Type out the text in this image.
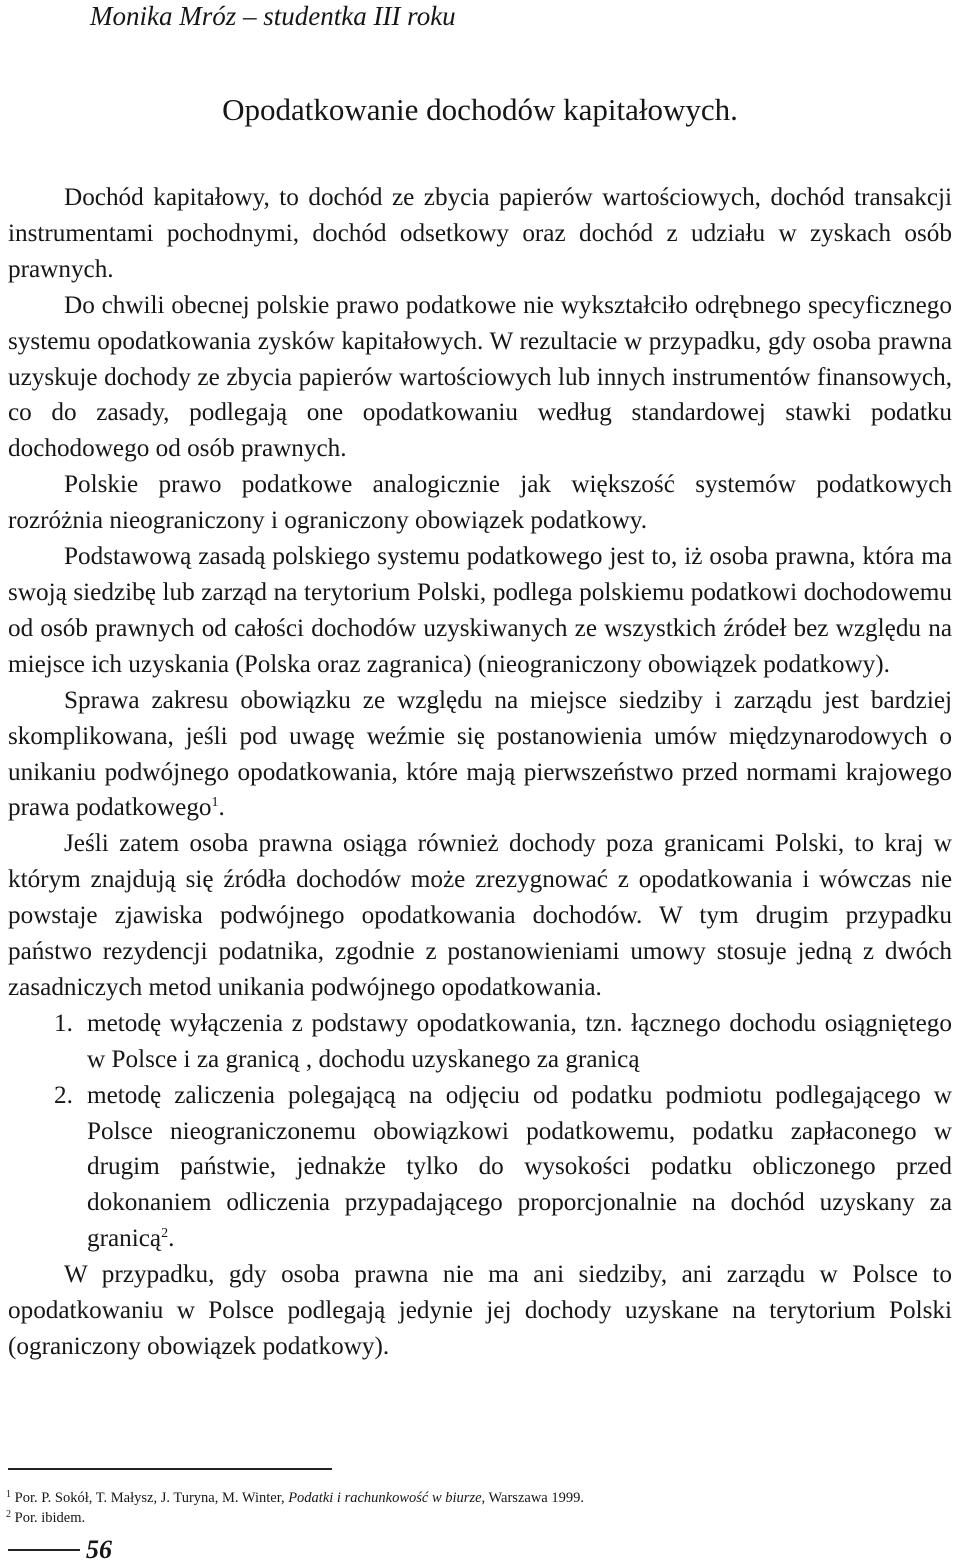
Monika Mróz – studentka III roku
Opodatkowanie dochodów kapitałowych.

Dochód kapitałowy, to dochód ze zbycia papierów wartościowych, dochód transakcji instrumentami pochodnymi, dochód odsetkowy oraz dochód z udziału w zyskach osób prawnych.

Do chwili obecnej polskie prawo podatkowe nie wykształciło odrębnego specyficznego systemu opodatkowania zysków kapitałowych. W rezultacie w przypadku, gdy osoba prawna uzyskuje dochody ze zbycia papierów wartościowych lub innych instrumentów finansowych, co do zasady, podlegają one opodatkowaniu według standardowej stawki podatku dochodowego od osób prawnych.

Polskie prawo podatkowe analogicznie jak większość systemów podatkowych rozróżnia nieograniczony i ograniczony obowiązek podatkowy.

Podstawową zasadą polskiego systemu podatkowego jest to, iż osoba prawna, która ma swoją siedzibę lub zarząd na terytorium Polski, podlega polskiemu podatkowi dochodowemu od osób prawnych od całości dochodów uzyskiwanych ze wszystkich źródeł bez względu na miejsce ich uzyskania (Polska oraz zagranica) (nieograniczony obowiązek podatkowy).

Sprawa zakresu obowiązku ze względu na miejsce siedziby i zarządu jest bardziej skomplikowana, jeśli pod uwagę weźmie się postanowienia umów międzynarodowych o unikaniu podwójnego opodatkowania, które mają pierwszeństwo przed normami krajowego prawa podatkowego$^1$.

Jeśli zatem osoba prawna osiąga również dochody poza granicami Polski, to kraj w którym znajdują się źródła dochodów może zrezygnować z opodatkowania i wówczas nie powstaje zjawiska podwójnego opodatkowania dochodów. W tym drugim przypadku państwo rezydencji podatnika, zgodnie z postanowieniami umowy stosuje jedną z dwóch zasadniczych metod unikania podwójnego opodatkowania.

1. metodę wyłączenia z podstawy opodatkowania, tzn. łącznego dochodu osiągniętego w Polsce i za granicą , dochodu uzyskanego za granicą
2. metodę zaliczenia polegającą na odjęciu od podatku podmiotu podlegającego w Polsce nieograniczonemu obowiązkowi podatkowemu, podatku zapłaconego w drugim państwie, jednakże tylko do wysokości podatku obliczonego przed dokonaniem odliczenia przypadającego proporcjonalnie na dochód uzyskany za granicą$^2$.

W przypadku, gdy osoba prawna nie ma ani siedziby, ani zarządu w Polsce to opodatkowaniu w Polsce podlegają jedynie jej dochody uzyskane na terytorium Polski (ograniczony obowiązek podatkowy).

$^1$ Por. P. Sokół, T. Małysz, J. Turyna, M. Winter, Podatki i rachunkowość w biurze, Warszawa 1999.

$^2$ Por. ibidem.

56
